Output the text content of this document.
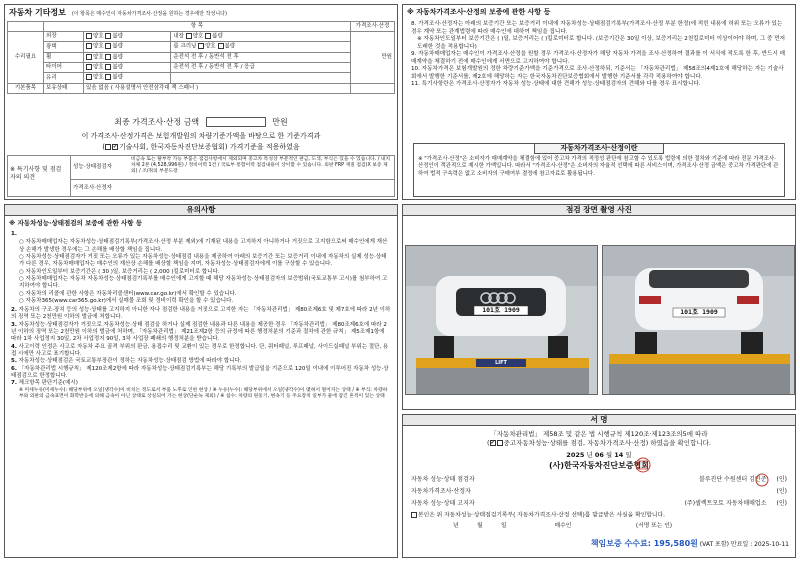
자동차 기타정보 (이 항목은 매수인이 자동차가격조사·산정을 원하는 경우에만 작성니다)
	항 목			가격조사·산정
수리필요	외장	양호 불량	내장 양호 불량	만원
	광택	양호 불량	룸 크리닝 양호 불량	
	휠	양호 불량	운전석 전 후 / 동반석 전 후	
	타이어	양호 불량	운전석 전 후 / 동반석 전 후 / 응급	
	유리	양호 불량		
기본품목	보유상태	있음 없음 ( 사용설명서 안전삼각대 잭 스패너 )		
최종 가격조사·산정 금액	만원
이 가격조사·산정가격은 보험개발원의 차량기준가액을 바탕으로 한 기준가격과
( ✔ 기술사회, 한국자동차진단보증협회) 가격기준을 적용하였음
※ 특기사항 및 점검자의 의견
성능·상태점검자
비금속 또는 탈부착 가능 부품은 점검사항에서 제외되며 중고차 특성상 부분적인 판금, 도색, 부식은 있을 수 있습니다. / 내치 차체 2본 (4,528,996원) / 정비이력 1건 / 국토부 통합이력 점검내용이 상이할 수 있습니다. 외판 FRP 재질 점검(X 보증 제외) / 조/취의 부분도장
가격조사·산정자
※ 자동차가격조사·산정의 보증에 관한 사항 등
8. 가격조사·산정자는 아래의 보증기간 또는 보증거리 이내에 자동차성능·상태점검기록부(가격조사·산정 부분 한정)에 적힌 내용에 허위 또는 오류가 있는 경우 계약 또는 관계법령에 따라 매수인에 대하여 책임을 집니다.
※ 자동차인도일부터 보증기간은 ( )일, 보증거리는 ( )킬로미터로 합니다. (보증기간은 30일 이상, 보증거리는 2천킬로미터 이상이어야 하며, 그 중 먼저 도래한 것을 적용합니다)
9. 자동차매매업자는 매수인이 가격조사·산정을 원할 경우 가격조사·산정자가 해당 자동차 가격을 조사·산정하여 결과를 이 서식에 적도록 한 후, 반드시 매매계약을 체결하기 전에 매수인에게 서면으로 고지하여야 합니다.
10. 자동차가격은 보험개발원의 정한 차량기준가액을 기준가격으로 조사·산정하되, 기준서는 「자동차관리법」 제58조의4제1호에 해당하는 자는 기술사회에서 발행한 기준서를, 제2호에 해당하는 자는 한국자동차진단보증협회에서 발행한 기준서를 각각 적용하여야 합니다.
11. 특기사항란은 가격조사·산정자가 자동차 성능·상태에 대한 견해가 성능·상태점검자의 견해와 다를 경우 표시합니다.
자동차가격조사·산정이란
※ "가격조사·산정"은 소비자가 매매계약을 체결함에 있어 중고차 가격의 적정성 판단에 참고할 수 있도록 법령에 의한 절차와 기준에 따라 전문 가격조사·산정인이 객관적으로 제시한 가액입니다. 따라서 "가격조사·산정"은 소비자의 자율적 선택에 따른 서비스이며, 가격조사·산정 금액은 중고차 가격판단에 관하여 법적 구속력은 없고 소비자의 구매여부 결정에 참고자료로 활용됩니다.
유의사항
※ 자동차성능·상태점검의 보증에 관한 사항 등
1.
○ 자동차매매업자는 자동차성능·상태점검기록부(가격조사·산정 부분 제외)에 기재된 내용을 고지하지 아니하거나 거짓으로 고지함으로써 매수인에게 재산상 손해가 발생한 경우에는 그 손해를 배상할 책임을 집니다.
○ 자동차성능·상태점검자가 거짓 또는 오류가 있는 자동차성능·상태점검 내용을 제공하여 아래의 보증기간 또는 보증거리 이내에 자동차의 실제 성능·상태가 다른 경우, 자동차매매업자는 매수인의 재산상 손해를 배상할 책임을 지며, 자동차성능·상태점검자에게 이를 구상할 수 있습니다.
○ 자동차인도일부터 보증기간은 ( 30 )일, 보증거리는 ( 2,000 )킬로미터로 합니다.
○ 자동차매매업자는 자동차 자동차성능·상태점검기록부를 매수인에게 고지할 때 해당 자동차성능·상태점검자의 보증범위(국토교통부 고시)를 첨부하여 고지하여야 합니다.
○ 자동차의 리콜에 관한 사항은 자동차리콜센터(www.car.go.kr)에서 확인할 수 있습니다.
○ 자동차365(www.car365.go.kr)에서 실매물 조회 및 정비이력 확인을 할 수 있습니다.
2. 자동차의 구조·장치 등의 성능·상태를 고지하지 아니한 자나 점검한 내용을 거짓으로 고지한 자는 「자동차관리법」 제80조제6호 및 제7호에 따라 2년 이하의 징역 또는 2천만원 이하의 벌금에 처합니다.
3. 자동차성능·상태점검자가 거짓으로 자동차성능·상태 점검을 하거나 실제 점검한 내용과 다른 내용을 제공한 경우 「자동차관리법」 제80조제6호에 따라 2년 이하의 징역 또는 2천만원 이하의 벌금에 처하며, 「자동차관리법」 제21조제2항 등의 규정에 따른 행정처분의 기준과 절차에 관한 규칙」 제5조제1항에 따라 1차 사업정지 30일, 2차 사업정지 90일, 3차 사업장 폐쇄의 행정처분을 받습니다.
4. 사고이력 인정은 사고로 자동차 주요 골격 부위의 판금, 용접수리 및 교환이 있는 경우로 한정합니다. 단, 쿼터패널, 루프패널, 사이드실패널 부위는 절단, 용접 시에만 사고로 표기합니다.
5. 자동차성능·상태점검은 국토교통부장관이 정하는 자동차성능·상태점검 방법에 따라야 합니다.
6. 「자동차관리법 시행규칙」 제120조제2항에 따라 자동차성능·상태점검기록부는 해당 기록부의 발급일을 기준으로 120일 이내에 이루어진 자동차 성능·상태점검으로 한정합니다.
7. 체크항목 판단기준(예시)
※ 미세누유(미세누수): 해당부위에 오일(냉각수)이 비치는 정도로서 부품 노후로 인한 현상 / ※ 누유(누수): 해당부위에서 오일(냉각수)이 맺혀서 떨어지는 상태 / ※ 부식: 차량하부와 외판의 금속표면이 화학반응에 의해 금속이 아닌 상태로 상실되어 가는 현상(단순녹 제외) / ※ 침수: 차량의 원동기, 변속기 등 주요장치 일부가 물에 잠긴 흔적이 있는 상태
점검 장면 촬영 사진
101호 1909
LIFT
101호 1909
서 명
「자동차관리법」 제58조 및 같은 법 시행규칙 제120조·제123조의5에 따라
(✔ 중고자동차성능·상태를 점검, 자동차가격조사·산정) 하였음을 확인합니다.
2025 년 06 월 14 일
(사)한국자동차진단보증협회
자동차 성능·상태 점검자	블루진단 수원센터 김민준 (인)
자동차가격조사·산정자	(인)
자동차 성능·상태 고지자	(주)셀렉트모토 자동차매매업소 (인)
본인은 위 자동차성능·상태점검기록부( 자동차가격조사·산정 선택)를 발급받은 사실을 확인합니다.
년          월          일                          매수인                                   (서명 또는 인)
책임보증 수수료: 195,580원 (VAT 포함) 만료일 : 2025-10-11
